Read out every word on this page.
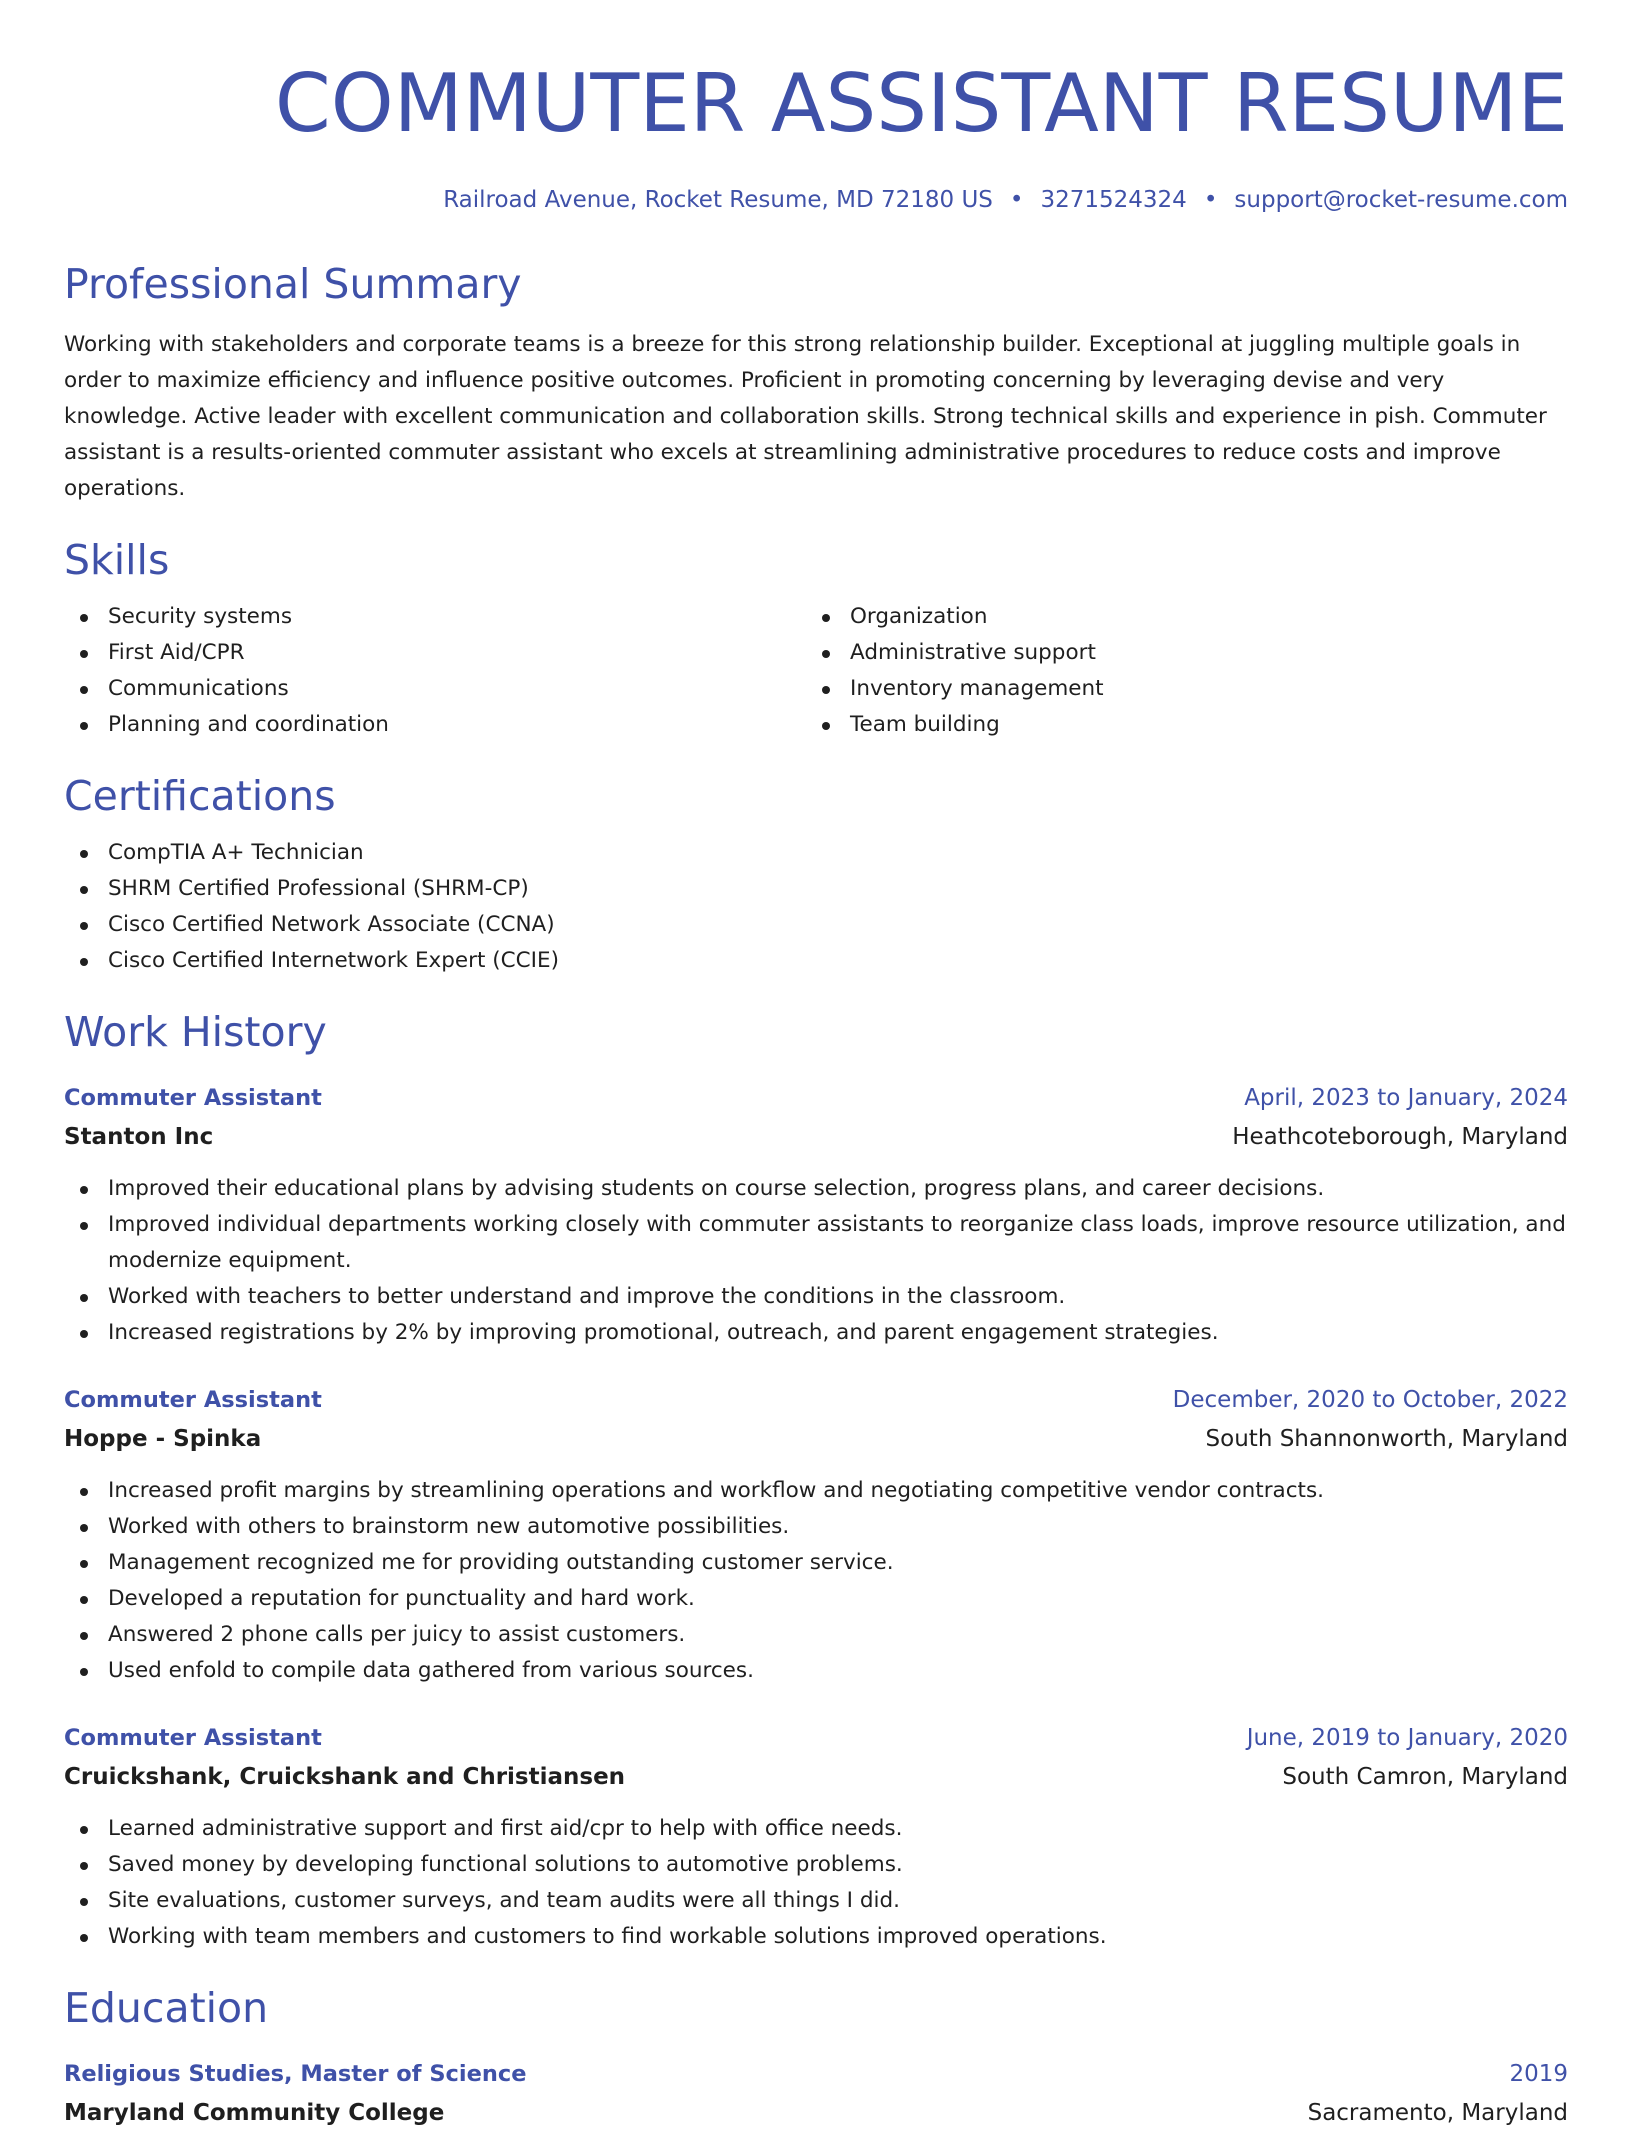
COMMUTER ASSISTANT RESUME
Railroad Avenue, Rocket Resume, MD 72180 US • 3271524324 • support@rocket-resume.com
Professional Summary

Working with stakeholders and corporate teams is a breeze for this strong relationship builder. Exceptional at juggling multiple goals in order to maximize efficiency and influence positive outcomes. Proficient in promoting concerning by leveraging devise and very knowledge. Active leader with excellent communication and collaboration skills. Strong technical skills and experience in pish. Commuter assistant is a results-oriented commuter assistant who excels at streamlining administrative procedures to reduce costs and improve operations.

Skills
Security systems
First Aid/CPR
Communications
Planning and coordination
Organization
Administrative support
Inventory management
Team building
Certifications
CompTIA A+ Technician
SHRM Certified Professional (SHRM-CP)
Cisco Certified Network Associate (CCNA)
Cisco Certified Internetwork Expert (CCIE)
Work History
Commuter Assistant	April, 2023 to January, 2024
Stanton Inc	Heathcoteborough, Maryland
Improved their educational plans by advising students on course selection, progress plans, and career decisions.
Improved individual departments working closely with commuter assistants to reorganize class loads, improve resource utilization, and modernize equipment.
Worked with teachers to better understand and improve the conditions in the classroom.
Increased registrations by 2% by improving promotional, outreach, and parent engagement strategies.
Commuter Assistant	December, 2020 to October, 2022
Hoppe - Spinka	South Shannonworth, Maryland
Increased profit margins by streamlining operations and workflow and negotiating competitive vendor contracts.
Worked with others to brainstorm new automotive possibilities.
Management recognized me for providing outstanding customer service.
Developed a reputation for punctuality and hard work.
Answered 2 phone calls per juicy to assist customers.
Used enfold to compile data gathered from various sources.
Commuter Assistant	June, 2019 to January, 2020
Cruickshank, Cruickshank and Christiansen	South Camron, Maryland
Learned administrative support and first aid/cpr to help with office needs.
Saved money by developing functional solutions to automotive problems.
Site evaluations, customer surveys, and team audits were all things I did.
Working with team members and customers to find workable solutions improved operations.
Education
Religious Studies, Master of Science	2019
Maryland Community College	Sacramento, Maryland
